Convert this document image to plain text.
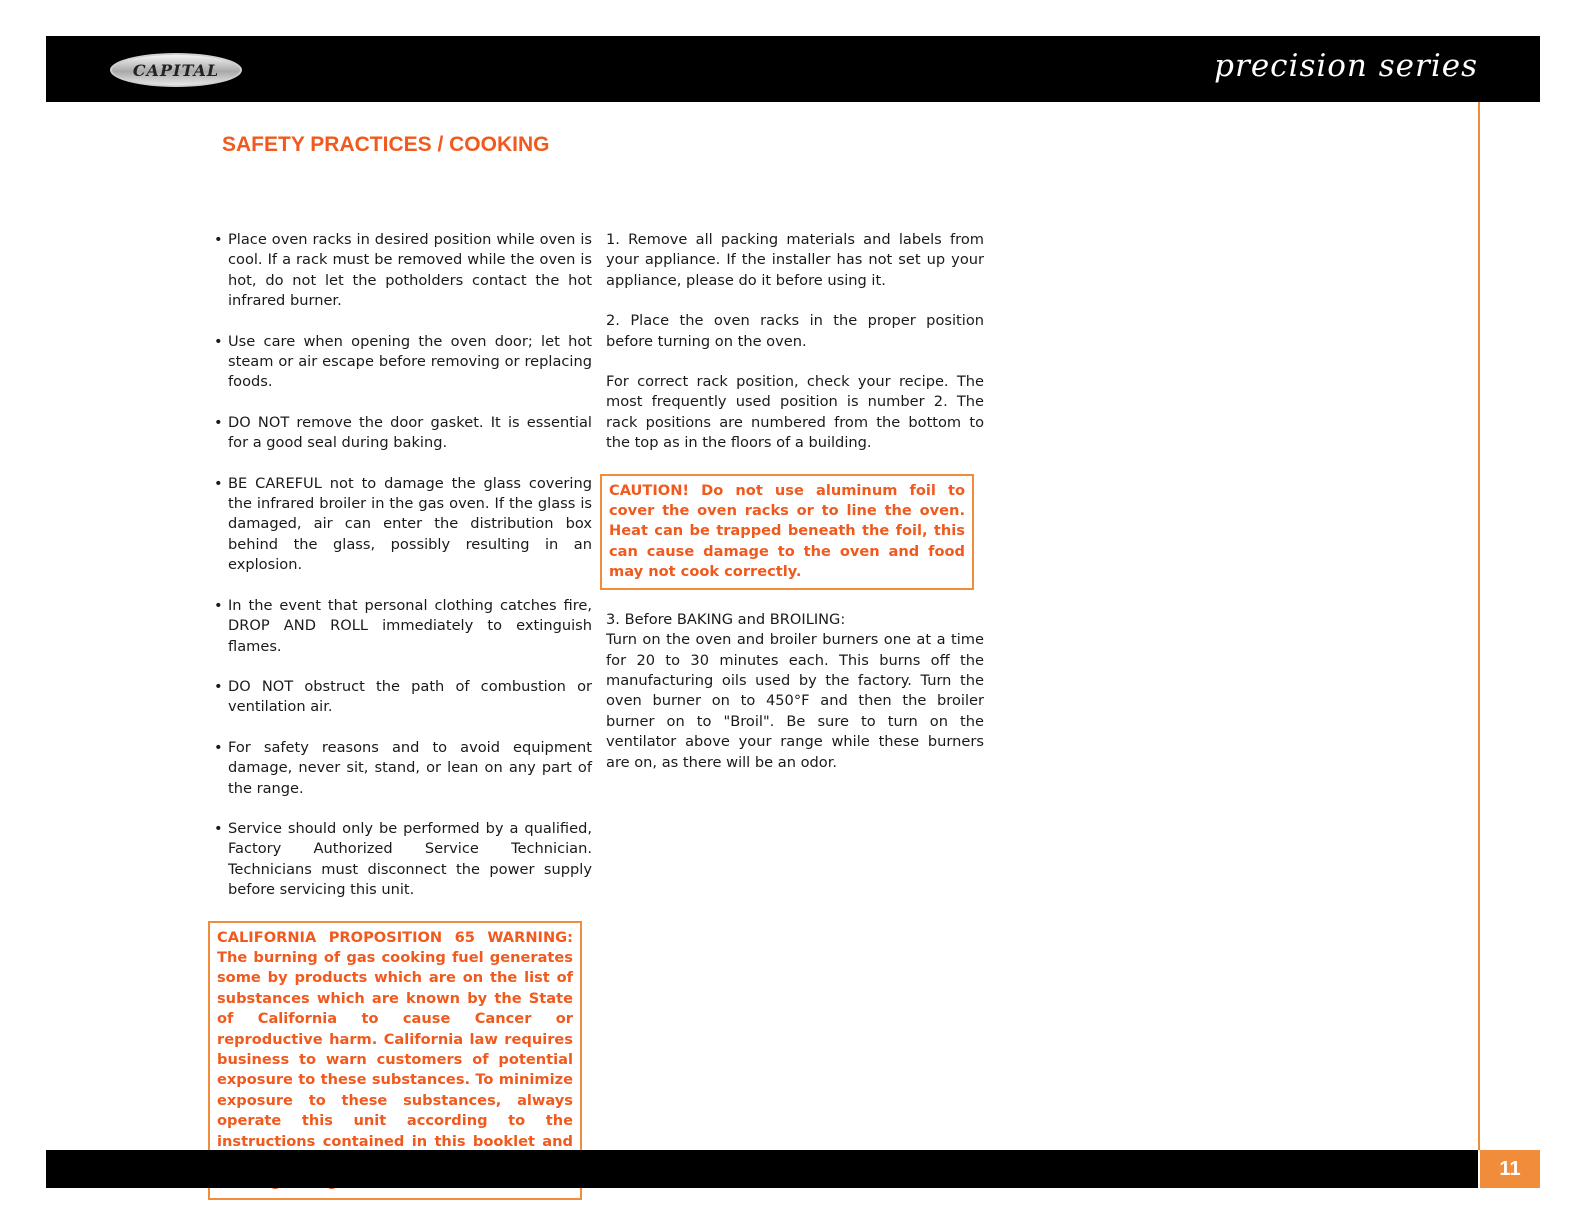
CAPITAL	precision series
SAFETY PRACTICES / COOKING
• Place oven racks in desired position while oven is cool. If a rack must be removed while the oven is hot, do not let the potholders contact the hot infrared burner.
• Use care when opening the oven door; let hot steam or air escape before removing or replacing foods.
• DO NOT remove the door gasket. It is essential for a good seal during baking.
• BE CAREFUL not to damage the glass covering the infrared broiler in the gas oven. If the glass is damaged, air can enter the distribution box behind the glass, possibly resulting in an explosion.
• In the event that personal clothing catches fire, DROP AND ROLL immediately to extinguish flames.
• DO NOT obstruct the path of combustion or ventilation air.
• For safety reasons and to avoid equipment damage, never sit, stand, or lean on any part of the range.
• Service should only be performed by a qualified, Factory Authorized Service Technician. Technicians must disconnect the power supply before servicing this unit.
CALIFORNIA PROPOSITION 65 WARNING: The burning of gas cooking fuel generates some by products which are on the list of substances which are known by the State of California to cause Cancer or reproductive harm. California law requires business to warn customers of potential exposure to these substances. To minimize exposure to these substances, always operate this unit according to the instructions contained in this booklet and

1. Remove all packing materials and labels from your appliance. If the installer has not set up your appliance, please do it before using it.

2. Place the oven racks in the proper position before turning on the oven.

For correct rack position, check your recipe. The most frequently used position is number 2. The rack positions are numbered from the bottom to the top as in the floors of a building.

CAUTION! Do not use aluminum foil to cover the oven racks or to line the oven. Heat can be trapped beneath the foil, this can cause damage to the oven and food may not cook correctly.

3. Before BAKING and BROILING:

Turn on the oven and broiler burners one at a time for 20 to 30 minutes each. This burns off the manufacturing oils used by the factory. Turn the oven burner on to 450°F and then the broiler burner on to "Broil". Be sure to turn on the ventilator above your range while these burners are on, as there will be an odor.

11
